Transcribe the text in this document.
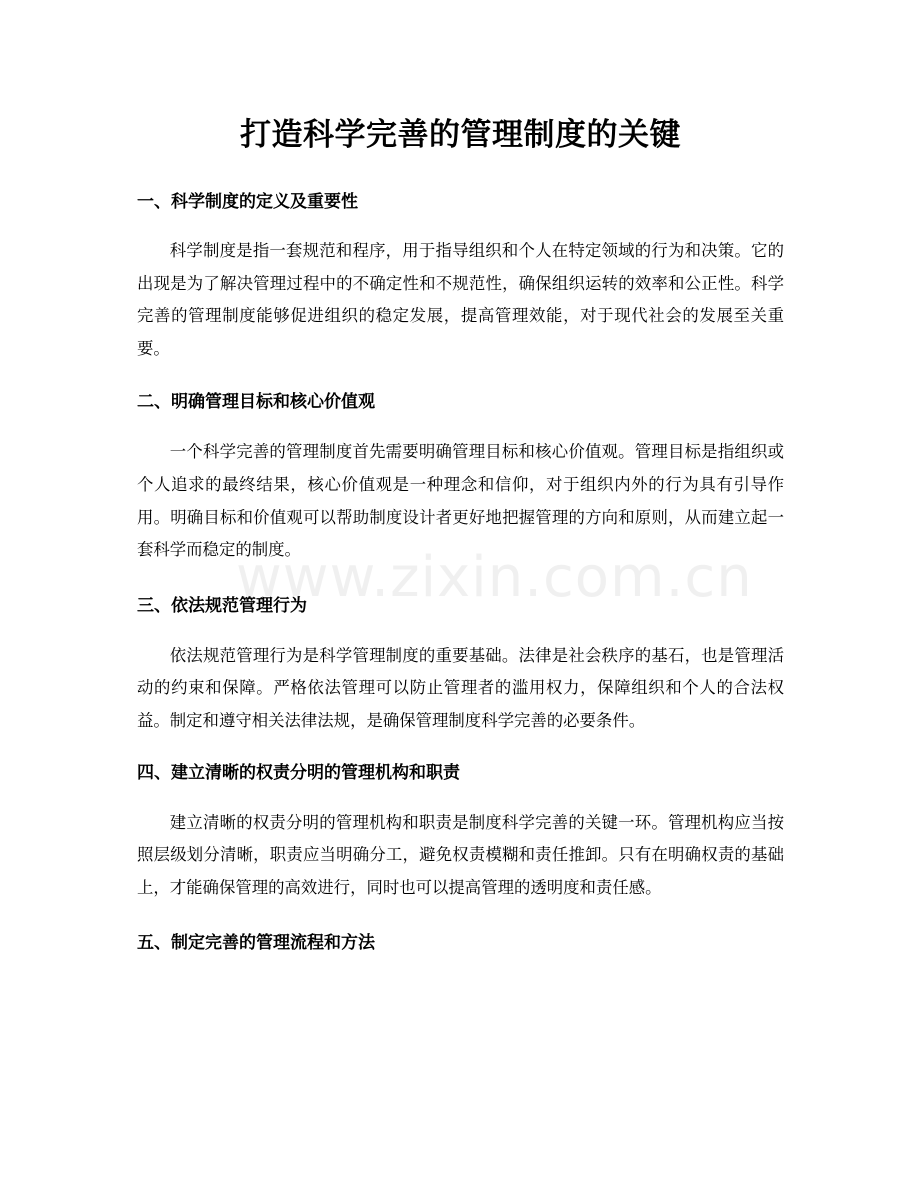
打造科学完善的管理制度的关键
一、科学制度的定义及重要性

科学制度是指一套规范和程序，用于指导组织和个人在特定领域的行为和决策。它的出现是为了解决管理过程中的不确定性和不规范性，确保组织运转的效率和公正性。科学完善的管理制度能够促进组织的稳定发展，提高管理效能，对于现代社会的发展至关重要。

二、明确管理目标和核心价值观

一个科学完善的管理制度首先需要明确管理目标和核心价值观。管理目标是指组织或个人追求的最终结果，核心价值观是一种理念和信仰，对于组织内外的行为具有引导作用。明确目标和价值观可以帮助制度设计者更好地把握管理的方向和原则，从而建立起一套科学而稳定的制度。

三、依法规范管理行为

依法规范管理行为是科学管理制度的重要基础。法律是社会秩序的基石，也是管理活动的约束和保障。严格依法管理可以防止管理者的滥用权力，保障组织和个人的合法权益。制定和遵守相关法律法规，是确保管理制度科学完善的必要条件。

四、建立清晰的权责分明的管理机构和职责

建立清晰的权责分明的管理机构和职责是制度科学完善的关键一环。管理机构应当按照层级划分清晰，职责应当明确分工，避免权责模糊和责任推卸。只有在明确权责的基础上，才能确保管理的高效进行，同时也可以提高管理的透明度和责任感。

五、制定完善的管理流程和方法
www.zixin.com.cn
